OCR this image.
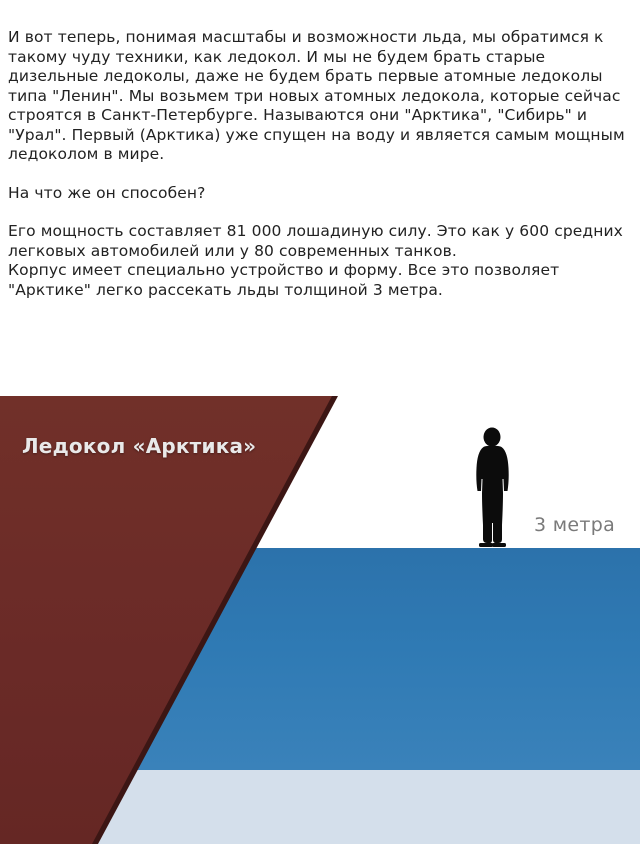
И вот теперь, понимая масштабы и возможности льда, мы обратимся к такому чуду техники, как ледокол. И мы не будем брать старые дизельные ледоколы, даже не будем брать первые атомные ледоколы типа "Ленин". Мы возьмем три новых атомных ледокола, которые сейчас строятся в Санкт-Петербурге. Называются они "Арктика", "Сибирь" и "Урал". Первый (Арктика) уже спущен на воду и является самым мощным ледоколом в мире.

На что же он способен?

Его мощность составляет 81 000 лошадиную силу. Это как у 600 средних легковых автомобилей или у 80 современных танков.

Корпус имеет специально устройство и форму. Все это позволяет "Арктике" легко рассекать льды толщиной 3 метра.

Ледокол «Арктика»
3 метра
